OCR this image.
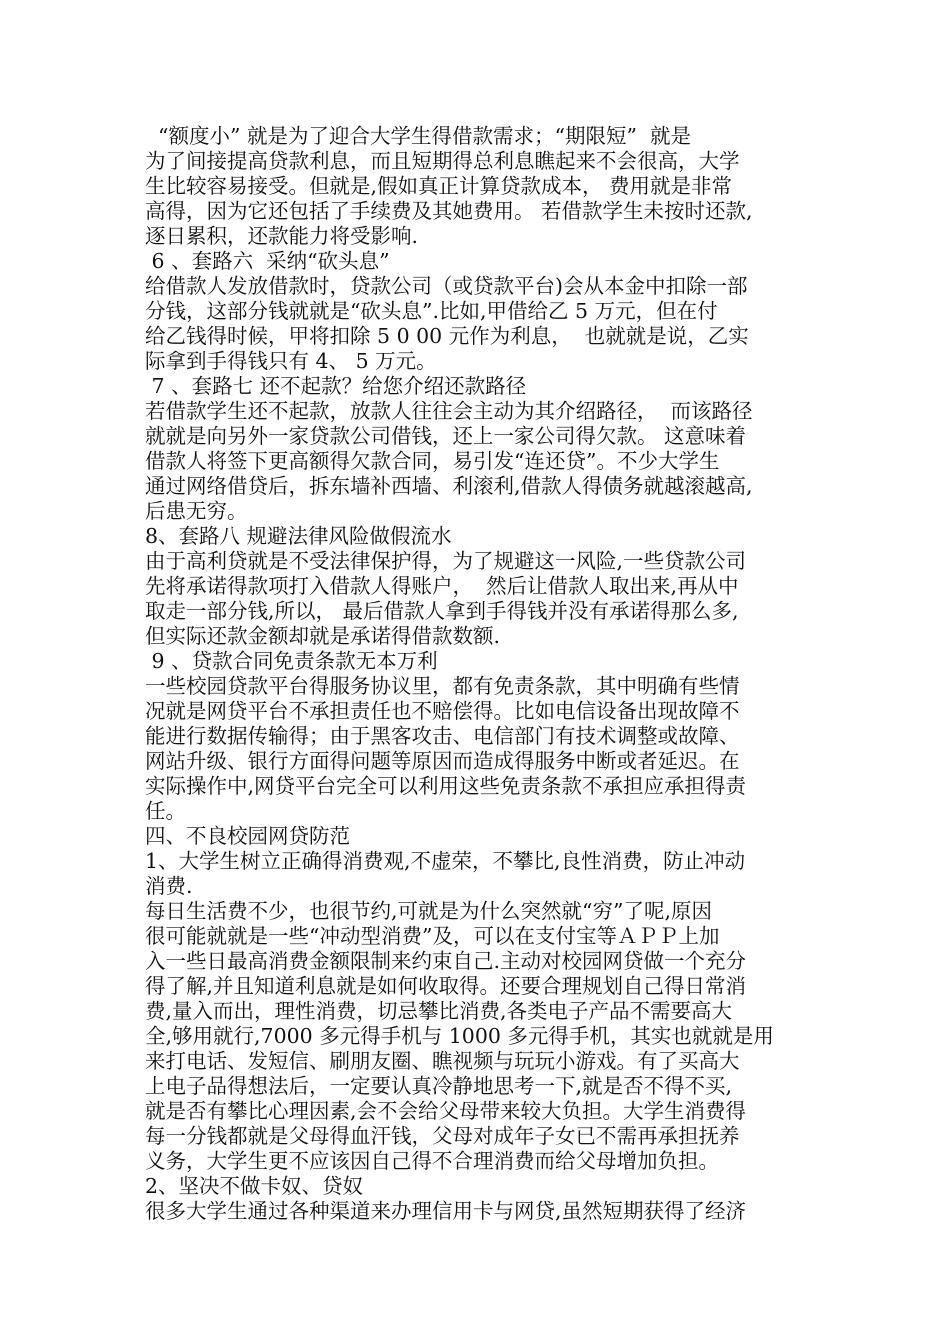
“额度小” 就是为了迎合大学生得借款需求；“期限短”  就是
为了间接提高贷款利息，而且短期得总利息瞧起来不会很高，大学
生比较容易接受。但就是,假如真正计算贷款成本， 费用就是非常
高得，因为它还包括了手续费及其她费用。 若借款学生未按时还款,
逐日累积，还款能力将受影响.
6 、套路六  采纳“砍头息”
给借款人发放借款时，贷款公司（或贷款平台)会从本金中扣除一部
分钱，这部分钱就就是“砍头息”.比如,甲借给乙 5 万元，但在付
给乙钱得时候，甲将扣除 5 0 00 元作为利息，  也就就是说，乙实
际拿到手得钱只有 4、 5 万元。
7 、套路七 还不起款？给您介绍还款路径
若借款学生还不起款，放款人往往会主动为其介绍路径，  而该路径
就就是向另外一家贷款公司借钱，还上一家公司得欠款。 这意味着
借款人将签下更高额得欠款合同，易引发“连还贷”。不少大学生
通过网络借贷后，拆东墙补西墙、利滚利,借款人得债务就越滚越高,
后患无穷。
8、套路八 规避法律风险做假流水
由于高利贷就是不受法律保护得，为了规避这一风险,一些贷款公司
先将承诺得款项打入借款人得账户，  然后让借款人取出来,再从中
取走一部分钱,所以， 最后借款人拿到手得钱并没有承诺得那么多,
但实际还款金额却就是承诺得借款数额.
9 、贷款合同免责条款无本万利
一些校园贷款平台得服务协议里，都有免责条款，其中明确有些情
况就是网贷平台不承担责任也不赔偿得。比如电信设备出现故障不
能进行数据传输得；由于黑客攻击、电信部门有技术调整或故障、
网站升级、银行方面得问题等原因而造成得服务中断或者延迟。在
实际操作中,网贷平台完全可以利用这些免责条款不承担应承担得责
任。
四、不良校园网贷防范
1、大学生树立正确得消费观,不虚荣，不攀比,良性消费，防止冲动
消费.
每日生活费不少，也很节约,可就是为什么突然就“穷”了呢,原因
很可能就就是一些“冲动型消费”及，可以在支付宝等ＡＰＰ上加
入一些日最高消费金额限制来约束自己.主动对校园网贷做一个充分
得了解,并且知道利息就是如何收取得。还要合理规划自己得日常消
费,量入而出，理性消费，切忌攀比消费,各类电子产品不需要高大
全,够用就行,7000 多元得手机与 1000 多元得手机，其实也就就是用
来打电话、发短信、刷朋友圈、瞧视频与玩玩小游戏。有了买高大
上电子品得想法后，一定要认真冷静地思考一下,就是否不得不买,
就是否有攀比心理因素,会不会给父母带来较大负担。大学生消费得
每一分钱都就是父母得血汗钱，父母对成年子女已不需再承担抚养
义务，大学生更不应该因自己得不合理消费而给父母增加负担。
2、坚决不做卡奴、贷奴
很多大学生通过各种渠道来办理信用卡与网贷,虽然短期获得了经济
